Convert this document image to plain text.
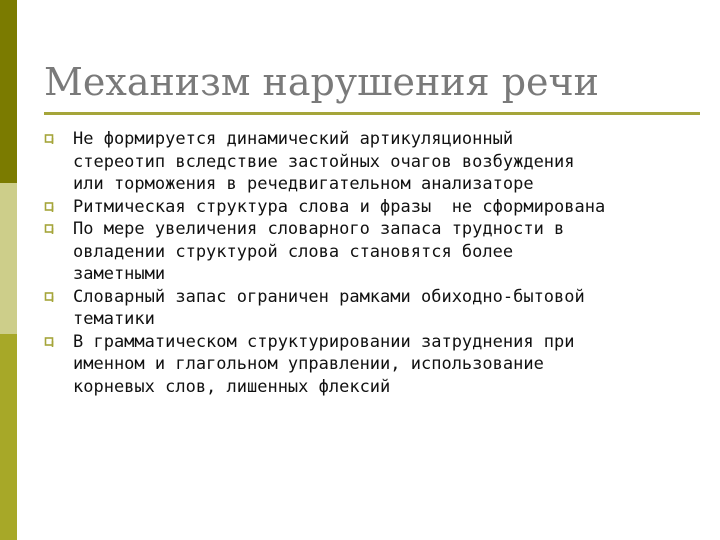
Механизм нарушения речи
Не формируется динамический артикуляционный
стереотип вследствие застойных очагов возбуждения
или торможения в речедвигательном анализаторе
Ритмическая структура слова и фразы  не сформирована
По мере увеличения словарного запаса трудности в
овладении структурой слова становятся более
заметными
Словарный запас ограничен рамками обиходно-бытовой
тематики
В грамматическом структурировании затруднения при
именном и глагольном управлении, использование
корневых слов, лишенных флексий
